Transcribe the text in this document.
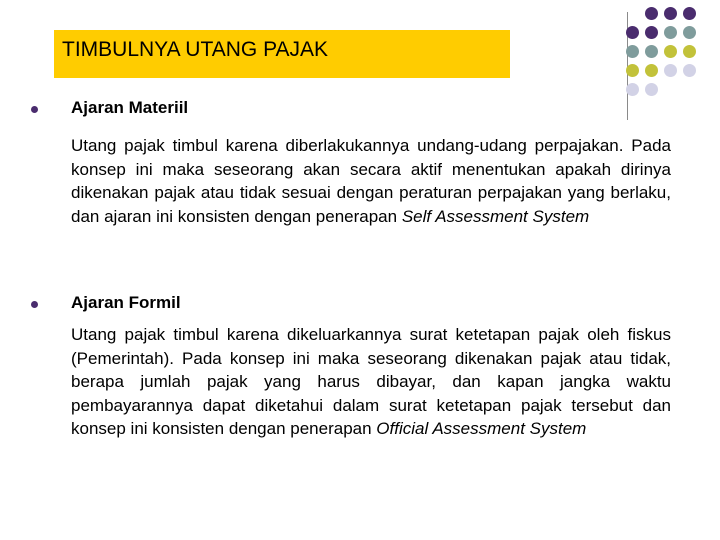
TIMBULNYA UTANG PAJAK
Ajaran Materiil
Utang pajak timbul karena diberlakukannya undang-udang perpajakan. Pada konsep ini maka seseorang akan secara aktif menentukan apakah dirinya dikenakan pajak atau tidak sesuai dengan peraturan perpajakan yang berlaku, dan ajaran ini konsisten dengan penerapan Self Assessment System
Ajaran Formil
Utang pajak timbul karena dikeluarkannya surat ketetapan pajak oleh fiskus (Pemerintah). Pada konsep ini maka seseorang dikenakan pajak atau tidak, berapa jumlah pajak yang harus dibayar, dan kapan jangka waktu pembayarannya dapat diketahui dalam surat ketetapan pajak tersebut dan konsep ini konsisten dengan penerapan Official Assessment System
